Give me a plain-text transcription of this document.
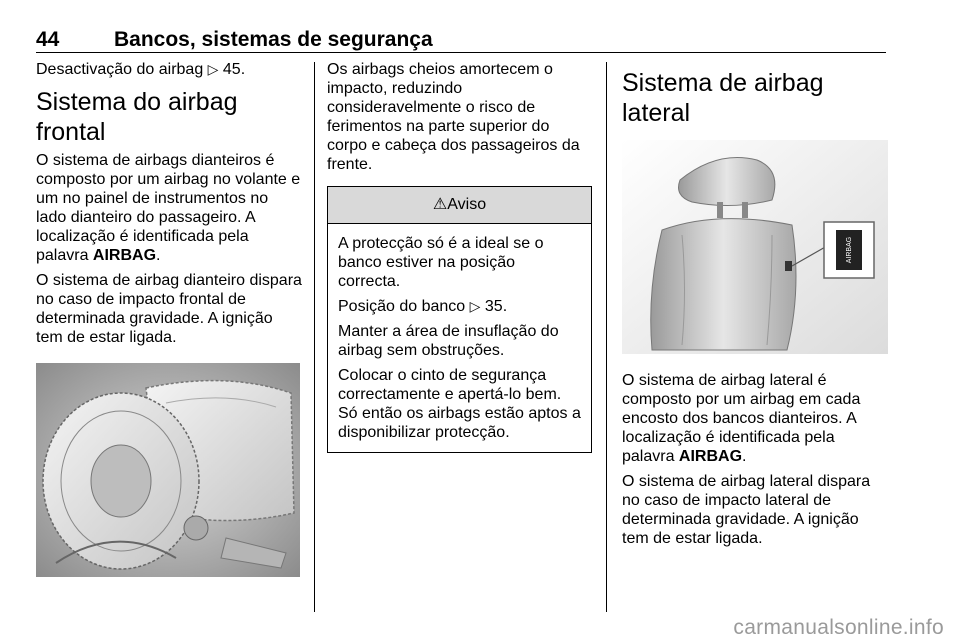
44	Bancos, sistemas de segurança

Desactivação do airbag ▷ 45.

Sistema do airbag frontal

O sistema de airbags dianteiros é composto por um airbag no volante e um no painel de instrumentos no lado dianteiro do passageiro. A localização é identificada pela palavra AIRBAG.

O sistema de airbag dianteiro dispara no caso de impacto frontal de determinada gravidade. A ignição tem de estar ligada.

Os airbags cheios amortecem o impacto, reduzindo consideravelmente o risco de ferimentos na parte superior do corpo e cabeça dos passageiros da frente.

⚠Aviso

A protecção só é a ideal se o banco estiver na posição correcta.

Posição do banco ▷ 35.

Manter a área de insuflação do airbag sem obstruções.

Colocar o cinto de segurança correctamente e apertá-lo bem. Só então os airbags estão aptos a disponibilizar protecção.

Sistema de airbag lateral
AIRBAG

O sistema de airbag lateral é composto por um airbag em cada encosto dos bancos dianteiros. A localização é identificada pela palavra AIRBAG.

O sistema de airbag lateral dispara no caso de impacto lateral de determinada gravidade. A ignição tem de estar ligada.

carmanualsonline.info
